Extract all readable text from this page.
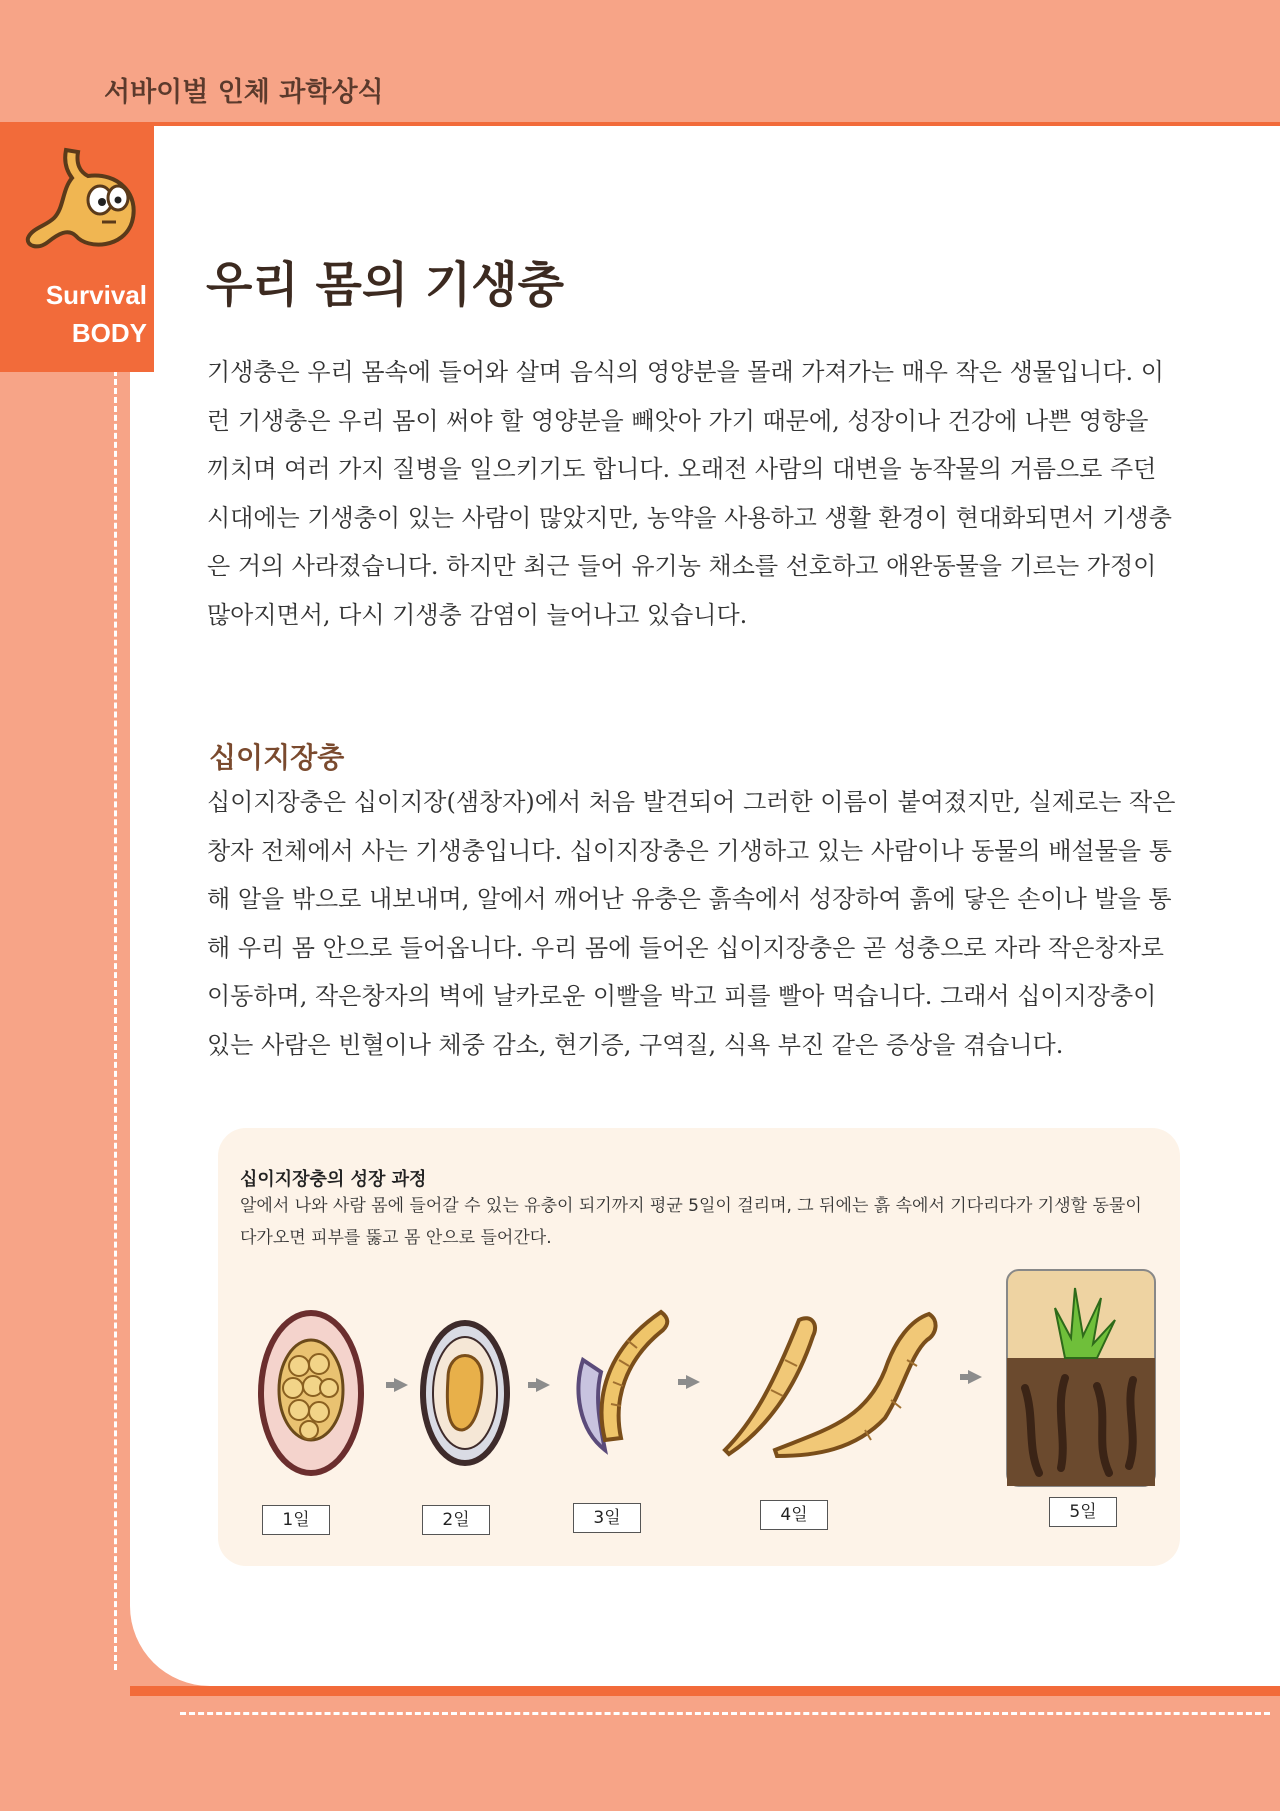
서바이벌 인체 과학상식
Survival
BODY
우리 몸의 기생충

기생충은 우리 몸속에 들어와 살며 음식의 영양분을 몰래 가져가는 매우 작은 생물입니다. 이런 기생충은 우리 몸이 써야 할 영양분을 빼앗아 가기 때문에, 성장이나 건강에 나쁜 영향을 끼치며 여러 가지 질병을 일으키기도 합니다. 오래전 사람의 대변을 농작물의 거름으로 주던 시대에는 기생충이 있는 사람이 많았지만, 농약을 사용하고 생활 환경이 현대화되면서 기생충은 거의 사라졌습니다. 하지만 최근 들어 유기농 채소를 선호하고 애완동물을 기르는 가정이 많아지면서, 다시 기생충 감염이 늘어나고 있습니다.

십이지장충

십이지장충은 십이지장(샘창자)에서 처음 발견되어 그러한 이름이 붙여졌지만, 실제로는 작은창자 전체에서 사는 기생충입니다. 십이지장충은 기생하고 있는 사람이나 동물의 배설물을 통해 알을 밖으로 내보내며, 알에서 깨어난 유충은 흙속에서 성장하여 흙에 닿은 손이나 발을 통해 우리 몸 안으로 들어옵니다. 우리 몸에 들어온 십이지장충은 곧 성충으로 자라 작은창자로 이동하며, 작은창자의 벽에 날카로운 이빨을 박고 피를 빨아 먹습니다. 그래서 십이지장충이 있는 사람은 빈혈이나 체중 감소, 현기증, 구역질, 식욕 부진 같은 증상을 겪습니다.

십이지장충의 성장 과정
알에서 나와 사람 몸에 들어갈 수 있는 유충이 되기까지 평균 5일이 걸리며, 그 뒤에는 흙 속에서 기다리다가 기생할 동물이 다가오면 피부를 뚫고 몸 안으로 들어간다.
1일	2일	3일	4일	5일
